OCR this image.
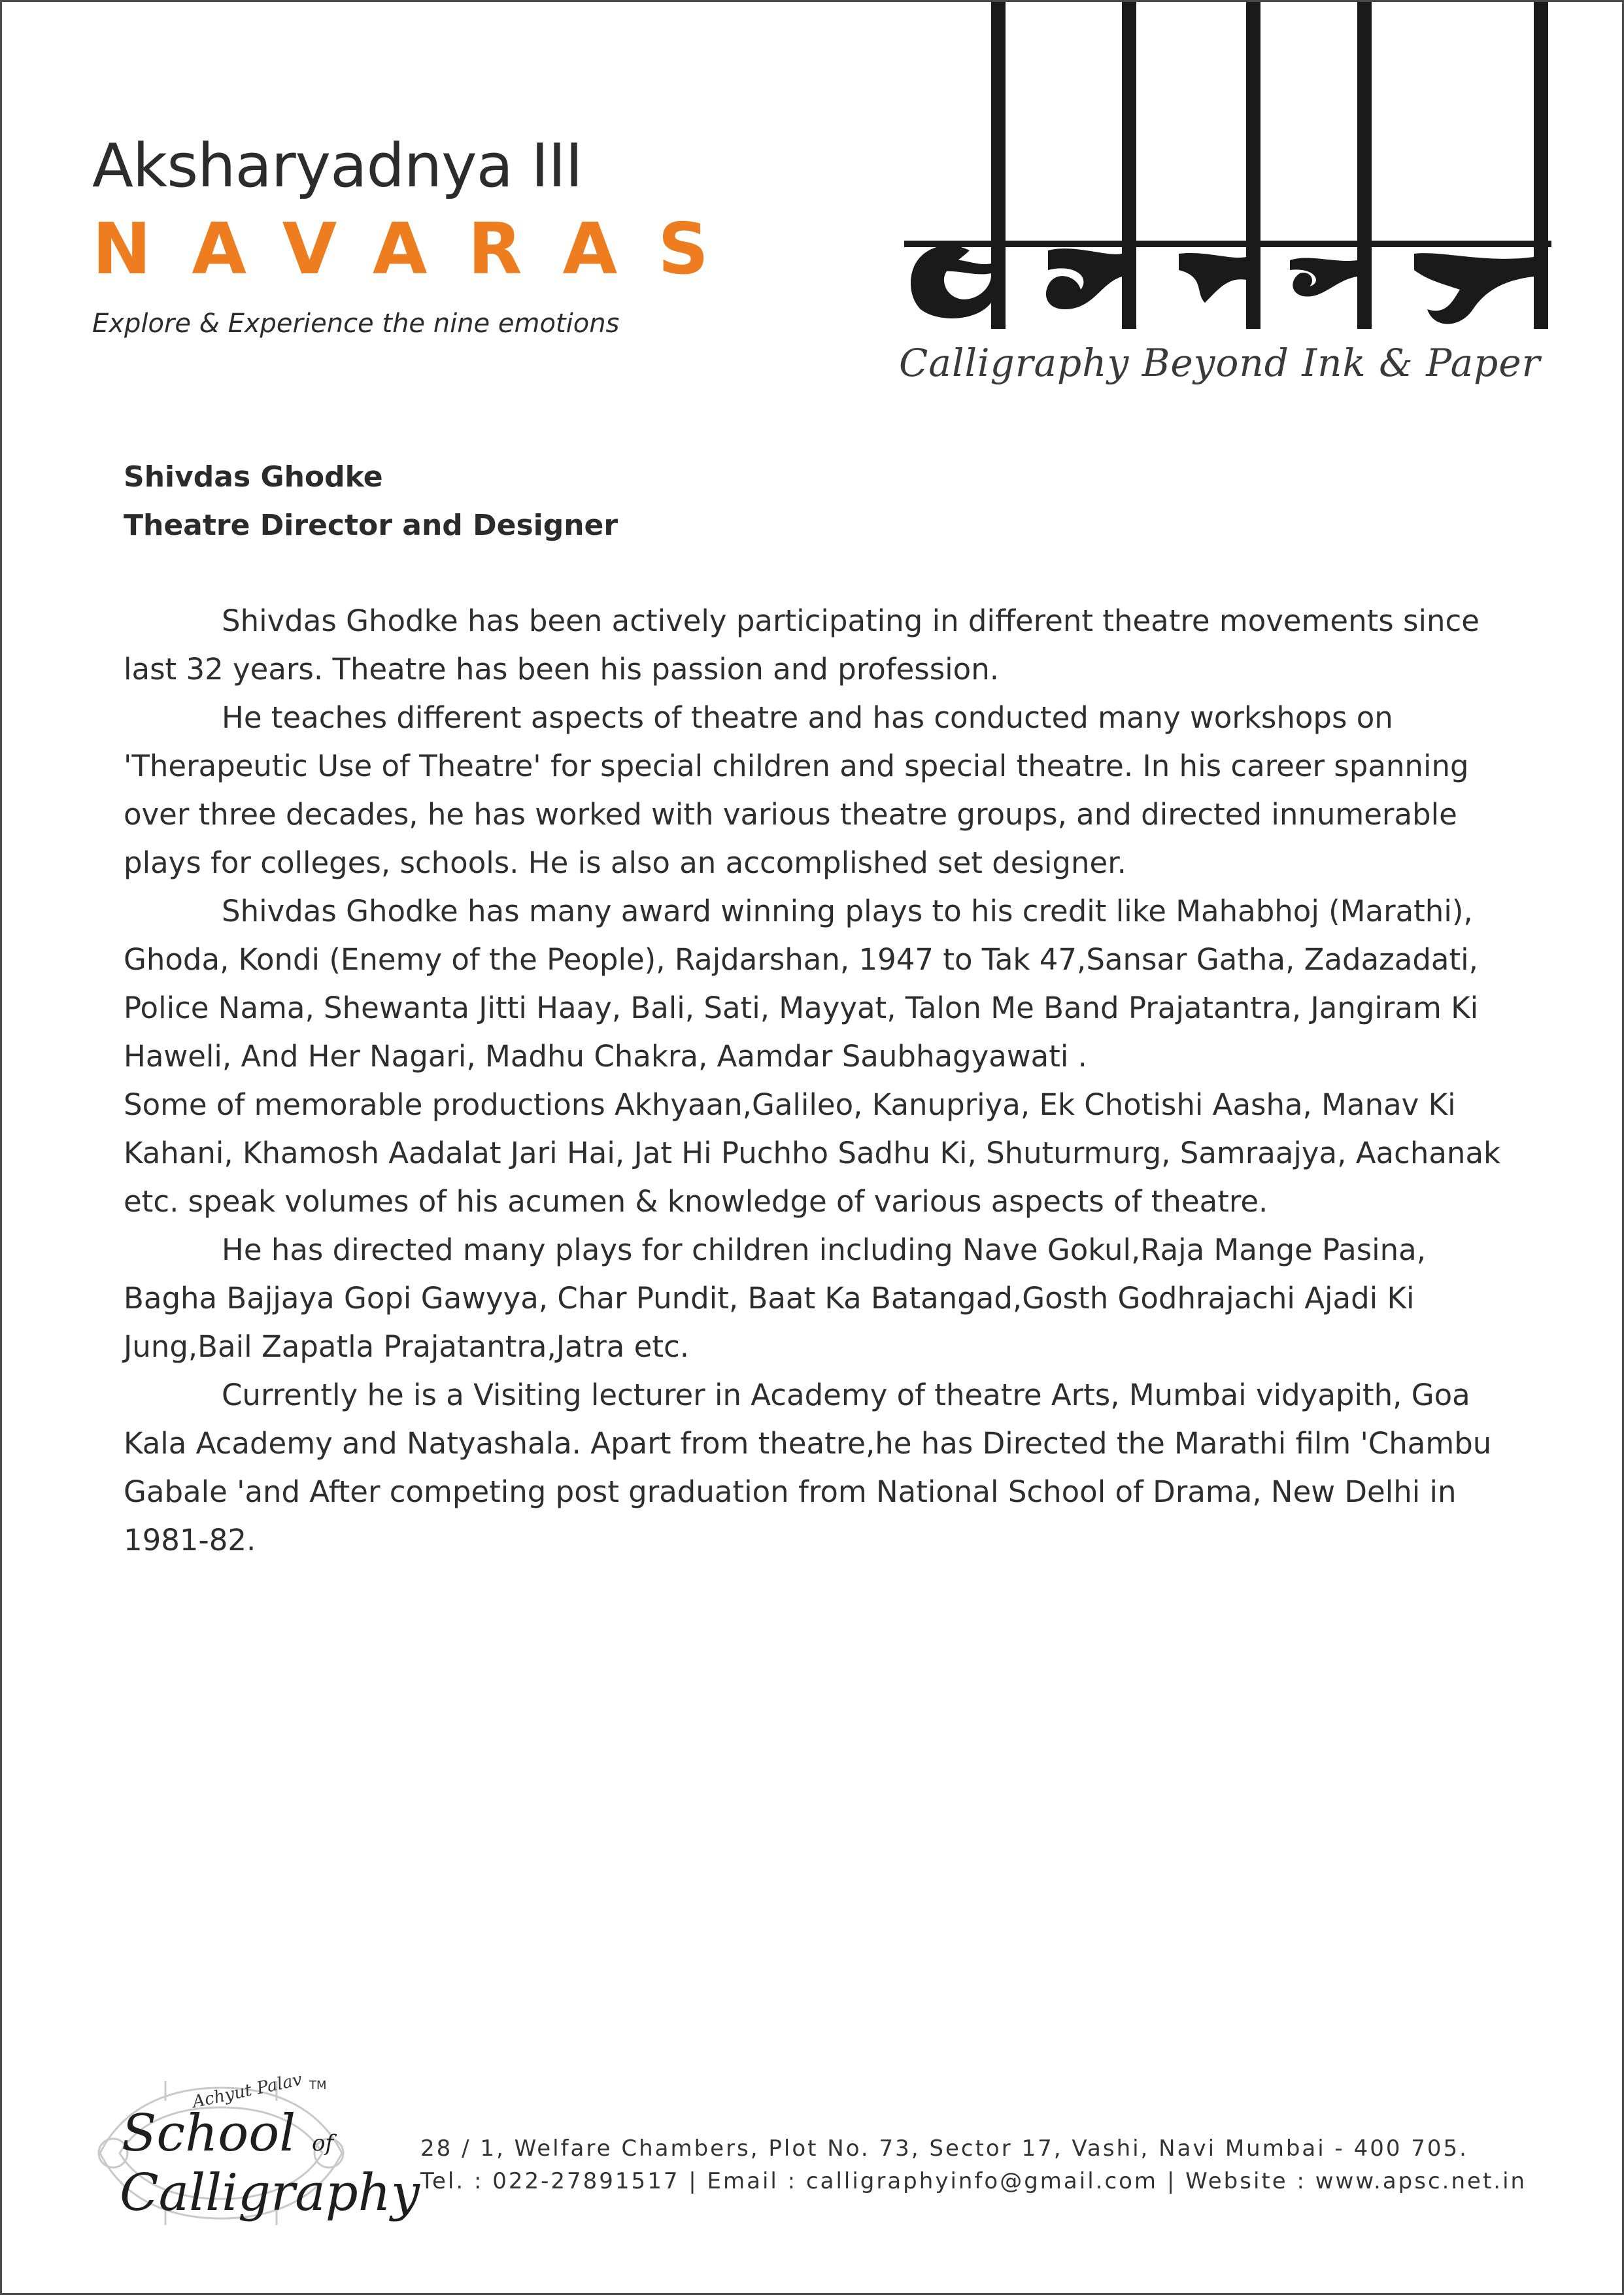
Aksharyadnya III
NAVARAS
Explore & Experience the nine emotions
Calligraphy Beyond Ink & Paper
Shivdas Ghodke
Theatre Director and Designer

Shivdas Ghodke has been actively participating in different theatre movements since last 32 years. Theatre has been his passion and profession.

He teaches different aspects of theatre and has conducted many workshops on 'Therapeutic Use of Theatre' for special children and special theatre. In his career spanning over three decades, he has worked with various theatre groups, and directed innumerable plays for colleges, schools. He is also an accomplished set designer.

Shivdas Ghodke has many award winning plays to his credit like Mahabhoj (Marathi), Ghoda, Kondi (Enemy of the People), Rajdarshan, 1947 to Tak 47,Sansar Gatha, Zadazadati, Police Nama, Shewanta Jitti Haay, Bali, Sati, Mayyat, Talon Me Band Prajatantra, Jangiram Ki Haweli, And Her Nagari, Madhu Chakra, Aamdar Saubhagyawati .

Some of memorable productions Akhyaan,Galileo, Kanupriya, Ek Chotishi Aasha, Manav Ki Kahani, Khamosh Aadalat Jari Hai, Jat Hi Puchho Sadhu Ki, Shuturmurg, Samraajya, Aachanak etc. speak volumes of his acumen & knowledge of various aspects of theatre.

He has directed many plays for children including Nave Gokul,Raja Mange Pasina, Bagha Bajjaya Gopi Gawyya, Char Pundit, Baat Ka Batangad,Gosth Godhrajachi Ajadi Ki Jung,Bail Zapatla Prajatantra,Jatra etc.

Currently he is a Visiting lecturer in Academy of theatre Arts, Mumbai vidyapith, Goa Kala Academy and Natyashala. Apart from theatre,he has Directed the Marathi film 'Chambu Gabale 'and After competing post graduation from National School of Drama, New Delhi in 1981-82.

Achyut Palav TM
School of
Calligraphy
28 / 1, Welfare Chambers, Plot No. 73, Sector 17, Vashi, Navi Mumbai - 400 705.
Tel. : 022-27891517 | Email : calligraphyinfo@gmail.com | Website : www.apsc.net.in
